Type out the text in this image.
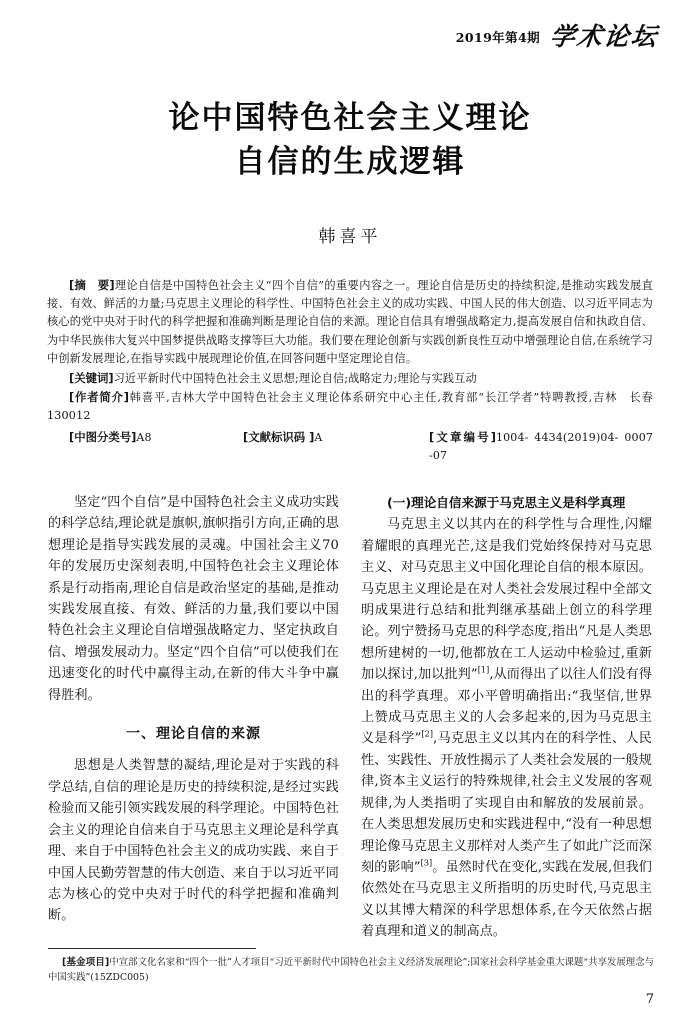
2019年第4期 学术论坛
论中国特色社会主义理论
自信的生成逻辑
韩喜平
[摘　要]理论自信是中国特色社会主义“四个自信”的重要内容之一。理论自信是历史的持续积淀,是推动实践发展直接、有效、鲜活的力量;马克思主义理论的科学性、中国特色社会主义的成功实践、中国人民的伟大创造、以习近平同志为核心的党中央对于时代的科学把握和准确判断是理论自信的来源。理论自信具有增强战略定力,提高发展自信和执政自信、为中华民族伟大复兴中国梦提供战略支撑等巨大功能。我们要在理论创新与实践创新良性互动中增强理论自信,在系统学习中创新发展理论,在指导实践中展现理论价值,在回答问题中坚定理论自信。
[关键词]习近平新时代中国特色社会主义思想;理论自信;战略定力;理论与实践互动
[作者简介]韩喜平,吉林大学中国特色社会主义理论体系研究中心主任,教育部“长江学者”特聘教授,吉林　长春　130012
[中图分类号]A8	[文献标识码 ]A	[文章编号]1004- 4434(2019)04- 0007 -07

坚定“四个自信”是中国特色社会主义成功实践的科学总结,理论就是旗帜,旗帜指引方向,正确的思想理论是指导实践发展的灵魂。中国社会主义70 年的发展历史深刻表明,中国特色社会主义理论体系是行动指南,理论自信是政治坚定的基础,是推动实践发展直接、有效、鲜活的力量,我们要以中国特色社会主义理论自信增强战略定力、坚定执政自信、增强发展动力。坚定“四个自信”可以使我们在迅速变化的时代中赢得主动,在新的伟大斗争中赢得胜利。

一、理论自信的来源

思想是人类智慧的凝结,理论是对于实践的科学总结,自信的理论是历史的持续积淀,是经过实践检验而又能引领实践发展的科学理论。中国特色社会主义的理论自信来自于马克思主义理论是科学真理、来自于中国特色社会主义的成功实践、来自于中国人民勤劳智慧的伟大创造、来自于以习近平同志为核心的党中央对于时代的科学把握和准确判断。

(一)理论自信来源于马克思主义是科学真理

马克思主义以其内在的科学性与合理性,闪耀着耀眼的真理光芒,这是我们党始终保持对马克思主义、对马克思主义中国化理论自信的根本原因。马克思主义理论是在对人类社会发展过程中全部文明成果进行总结和批判继承基础上创立的科学理论。列宁赞扬马克思的科学态度,指出“凡是人类思想所建树的一切,他都放在工人运动中检验过,重新加以探讨,加以批判”[1],从而得出了以往人们没有得出的科学真理。邓小平曾明确指出:“我坚信,世界上赞成马克思主义的人会多起来的,因为马克思主义是科学”[2],马克思主义以其内在的科学性、人民性、实践性、开放性揭示了人类社会发展的一般规律,资本主义运行的特殊规律,社会主义发展的客观规律,为人类指明了实现自由和解放的发展前景。在人类思想发展历史和实践进程中,“没有一种思想理论像马克思主义那样对人类产生了如此广泛而深刻的影响”[3]。虽然时代在变化,实践在发展,但我们依然处在马克思主义所指明的历史时代,马克思主义以其博大精深的科学思想体系,在今天依然占据着真理和道义的制高点。

[基金项目]中宣部文化名家和“四个一批”人才项目“习近平新时代中国特色社会主义经济发展理论”;国家社会科学基金重大课题“共享发展理念与中国实践”(15ZDC005)
7
